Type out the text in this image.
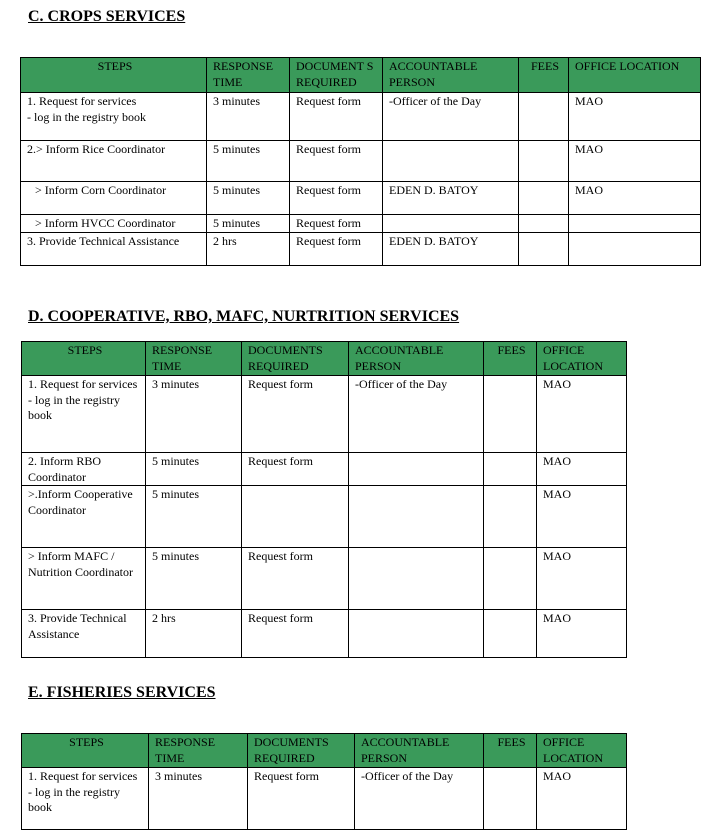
C. CROPS SERVICES
STEPS	RESPONSE TIME	DOCUMENT S REQUIRED	ACCOUNTABLE PERSON	FEES	OFFICE LOCATION
1. Request for services
- log in the registry book	3 minutes	Request form	-Officer of the Day		MAO
2.> Inform Rice Coordinator	5 minutes	Request form			MAO
> Inform Corn Coordinator	5 minutes	Request form	EDEN D. BATOY		MAO
> Inform HVCC Coordinator	5 minutes	Request form			
3. Provide Technical Assistance	2 hrs	Request form	EDEN D. BATOY		
D. COOPERATIVE, RBO, MAFC, NURTRITION SERVICES
STEPS	RESPONSE TIME	DOCUMENTS REQUIRED	ACCOUNTABLE PERSON	FEES	OFFICE LOCATION
1. Request for services
- log in the registry book	3 minutes	Request form	-Officer of the Day		MAO
2. Inform RBO Coordinator	5 minutes	Request form			MAO
>.Inform Cooperative Coordinator	5 minutes				MAO
> Inform MAFC / Nutrition Coordinator	5 minutes	Request form			MAO
3. Provide Technical Assistance	2 hrs	Request form			MAO
E. FISHERIES SERVICES
STEPS	RESPONSE TIME	DOCUMENTS REQUIRED	ACCOUNTABLE PERSON	FEES	OFFICE LOCATION
1. Request for services
- log in the registry book	3 minutes	Request form	-Officer of the Day		MAO
